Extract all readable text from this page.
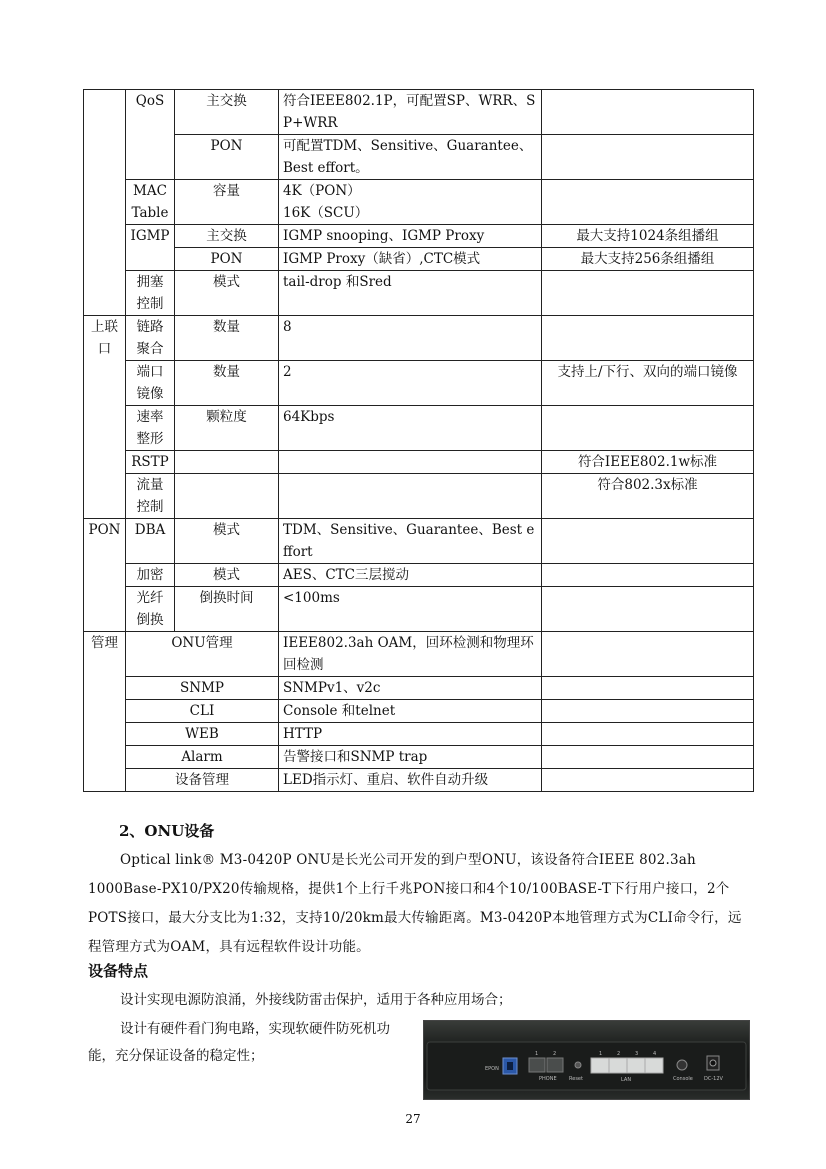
	QoS	主交换	符合IEEE802.1P，可配置SP、WRR、SP+WRR	
		PON	可配置TDM、Sensitive、Guarantee、Best effort。	
	MAC Table	容量	4K（PON）
16K（SCU）	

	IGMP	主交换	IGMP snooping、IGMP Proxy	最大支持1024条组播组
		PON	IGMP Proxy（缺省）,CTC模式	最大支持256条组播组
	拥塞控制	模式	tail-drop 和Sred	
上联口	链路聚合	数量	8	
	端口镜像	数量	2	支持上/下行、双向的端口镜像
	速率整形	颗粒度	64Kbps	
	RSTP			符合IEEE802.1w标准
	流量控制			符合802.3x标准
PON	DBA	模式	TDM、Sensitive、Guarantee、Best effort	
	加密	模式	AES、CTC三层搅动	
	光纤倒换	倒换时间	<100ms	
管理	ONU管理		IEEE802.3ah OAM，回环检测和物理环回检测	
	SNMP		SNMPv1、v2c	
	CLI		Console 和telnet	
	WEB		HTTP	
	Alarm		告警接口和SNMP trap	
	设备管理		LED指示灯、重启、软件自动升级	
2、ONU设备
Optical link® M3-0420P ONU是长光公司开发的到户型ONU，该设备符合IEEE 802.3ah 1000Base-PX10/PX20传输规格，提供1个上行千兆PON接口和4个10/100BASE-T下行用户接口，2个POTS接口，最大分支比为1:32，支持10/20km最大传输距离。M3-0420P本地管理方式为CLI命令行，远程管理方式为OAM，具有远程软件设计功能。
设备特点
设计实现电源防浪涌，外接线防雷击保护，适用于各种应用场合；
设计有硬件看门狗电路，实现软硬件防死机功能，充分保证设备的稳定性；
EPON
1	2
PHONE Reset
1	2	3	4
LAN	Console DC-12V
27
